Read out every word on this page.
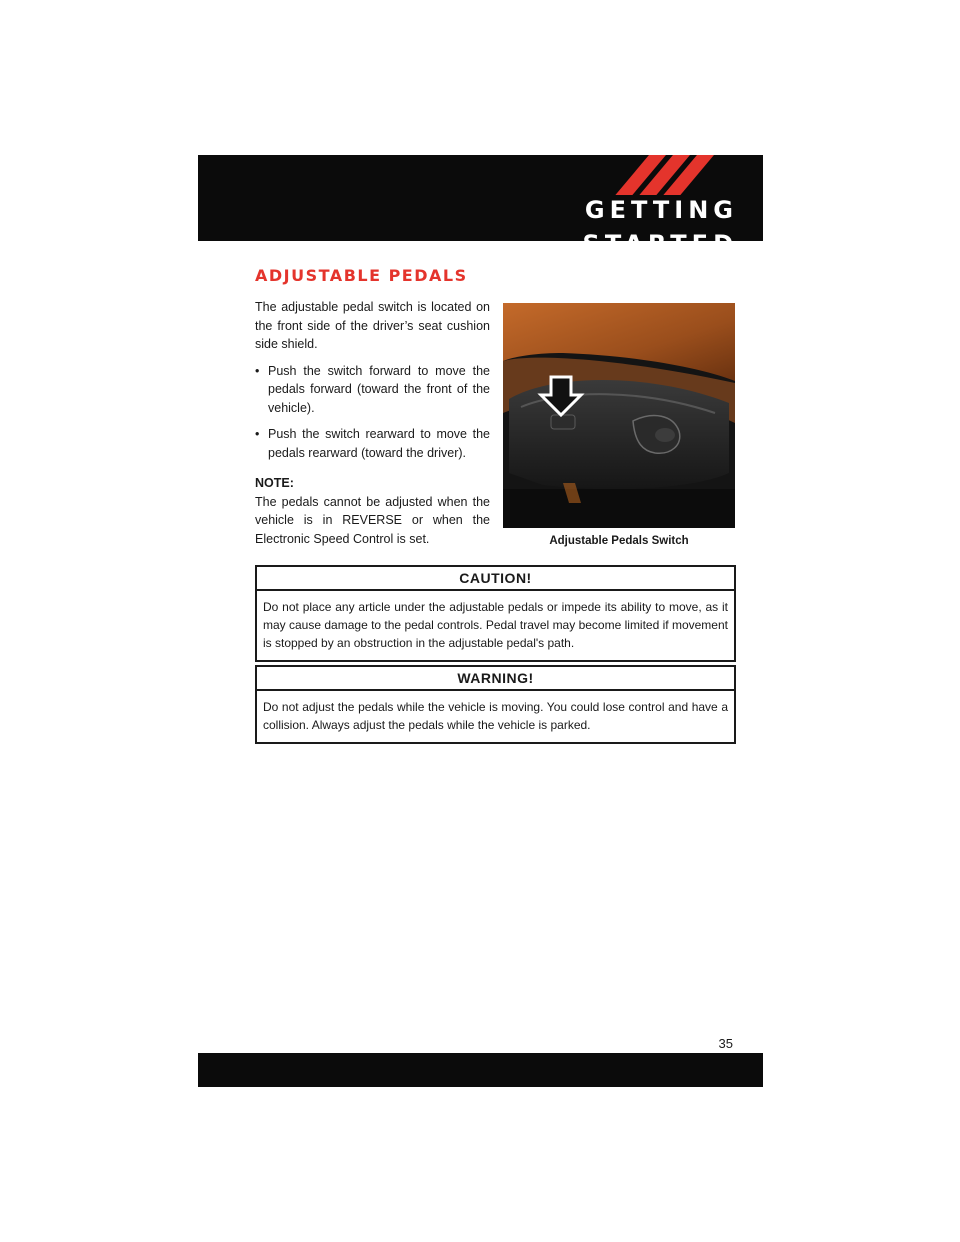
GETTING STARTED
ADJUSTABLE PEDALS

The adjustable pedal switch is located on the front side of the driver’s seat cushion side shield.

• Push the switch forward to move the pedals forward (toward the front of the vehicle).
• Push the switch rearward to move the pedals rearward (toward the driver).

NOTE:

The pedals cannot be adjusted when the vehicle is in REVERSE or when the Electronic Speed Control is set.	Adjustable Pedals Switch
CAUTION!
Do not place any article under the adjustable pedals or impede its ability to move, as it may cause damage to the pedal controls. Pedal travel may become limited if movement is stopped by an obstruction in the adjustable pedal's path.
WARNING!
Do not adjust the pedals while the vehicle is moving. You could lose control and have a collision. Always adjust the pedals while the vehicle is parked.
35
